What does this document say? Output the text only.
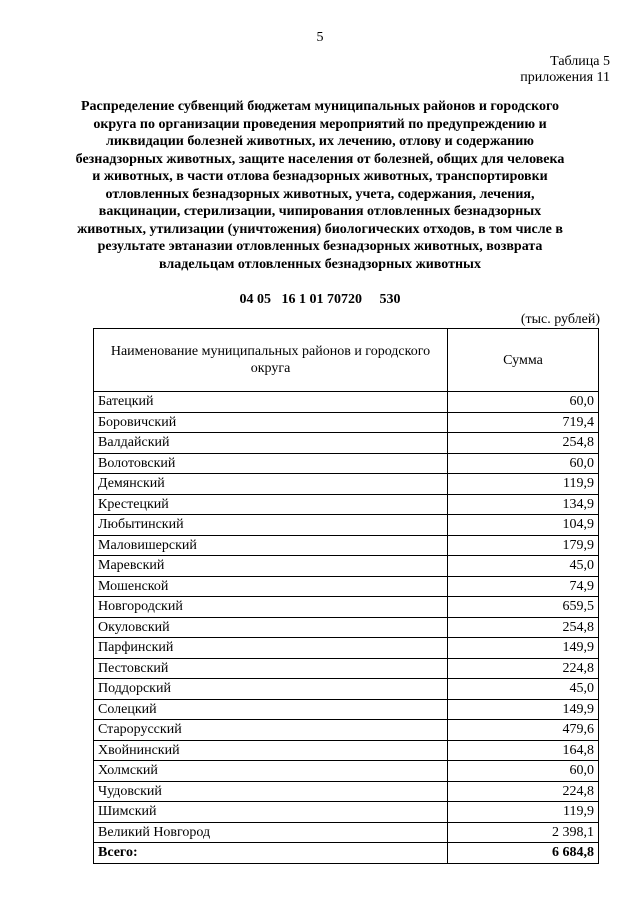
5
Таблица 5
приложения 11
Распределение субвенций бюджетам муниципальных районов и городского округа по организации проведения мероприятий по предупреждению и ликвидации болезней животных, их лечению, отлову и содержанию безнадзорных животных, защите населения от болезней, общих для человека и животных, в части отлова безнадзорных животных, транспортировки отловленных безнадзорных животных, учета, содержания, лечения, вакцинации, стерилизации, чипирования отловленных безнадзорных животных, утилизации (уничтожения) биологических отходов, в том числе в результате эвтаназии отловленных безнадзорных животных, возврата владельцам отловленных безнадзорных животных
04 05   16 1 01 70720     530
(тыс. рублей)
Наименование муниципальных районов и городского округа	Сумма
Батецкий	60,0
Боровичский	719,4
Валдайский	254,8
Волотовский	60,0
Демянский	119,9
Крестецкий	134,9
Любытинский	104,9
Маловишерский	179,9
Маревский	45,0
Мошенской	74,9
Новгородский	659,5
Окуловский	254,8
Парфинский	149,9
Пестовский	224,8
Поддорский	45,0
Солецкий	149,9
Старорусский	479,6
Хвойнинский	164,8
Холмский	60,0
Чудовский	224,8
Шимский	119,9
Великий Новгород	2 398,1
Всего:	6 684,8
